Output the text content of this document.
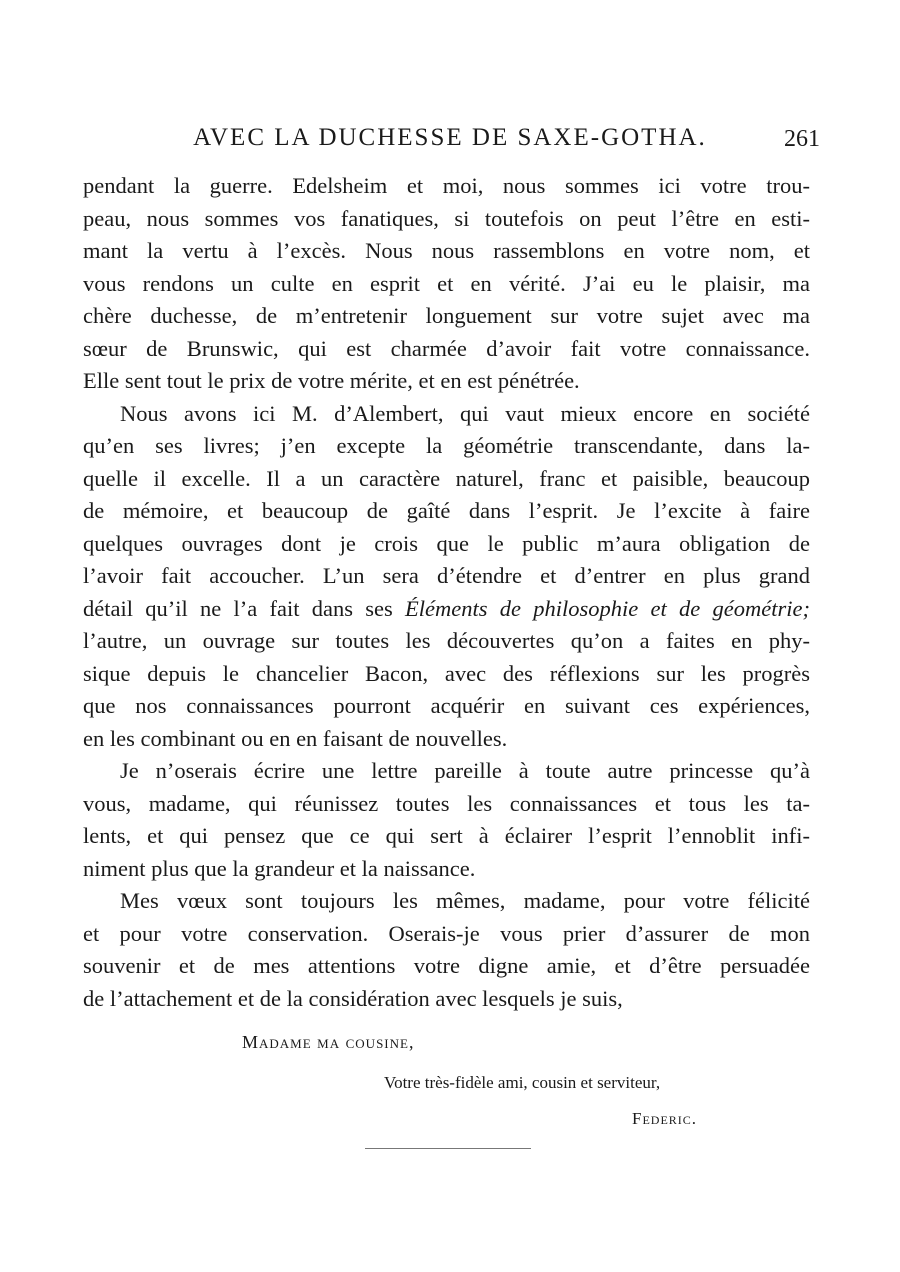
AVEC LA DUCHESSE DE SAXE-GOTHA.	261

pendant la guerre. Edelsheim et moi, nous sommes ici votre trou-
peau, nous sommes vos fanatiques, si toutefois on peut l’être en esti-
mant la vertu à l’excès. Nous nous rassemblons en votre nom, et
vous rendons un culte en esprit et en vérité. J’ai eu le plaisir, ma
chère duchesse, de m’entretenir longuement sur votre sujet avec ma
sœur de Brunswic, qui est charmée d’avoir fait votre connaissance.
Elle sent tout le prix de votre mérite, et en est pénétrée.

Nous avons ici M. d’Alembert, qui vaut mieux encore en société
qu’en ses livres; j’en excepte la géométrie transcendante, dans la-
quelle il excelle. Il a un caractère naturel, franc et paisible, beaucoup
de mémoire, et beaucoup de gaîté dans l’esprit. Je l’excite à faire
quelques ouvrages dont je crois que le public m’aura obligation de
l’avoir fait accoucher. L’un sera d’étendre et d’entrer en plus grand
détail qu’il ne l’a fait dans ses Éléments de philosophie et de géométrie;
l’autre, un ouvrage sur toutes les découvertes qu’on a faites en phy-
sique depuis le chancelier Bacon, avec des réflexions sur les progrès
que nos connaissances pourront acquérir en suivant ces expériences,
en les combinant ou en en faisant de nouvelles.

Je n’oserais écrire une lettre pareille à toute autre princesse qu’à
vous, madame, qui réunissez toutes les connaissances et tous les ta-
lents, et qui pensez que ce qui sert à éclairer l’esprit l’ennoblit infi-
niment plus que la grandeur et la naissance.

Mes vœux sont toujours les mêmes, madame, pour votre félicité
et pour votre conservation. Oserais-je vous prier d’assurer de mon
souvenir et de mes attentions votre digne amie, et d’être persuadée
de l’attachement et de la considération avec lesquels je suis,

Madame ma cousine,
Votre très-fidèle ami, cousin et serviteur,
Federic.
